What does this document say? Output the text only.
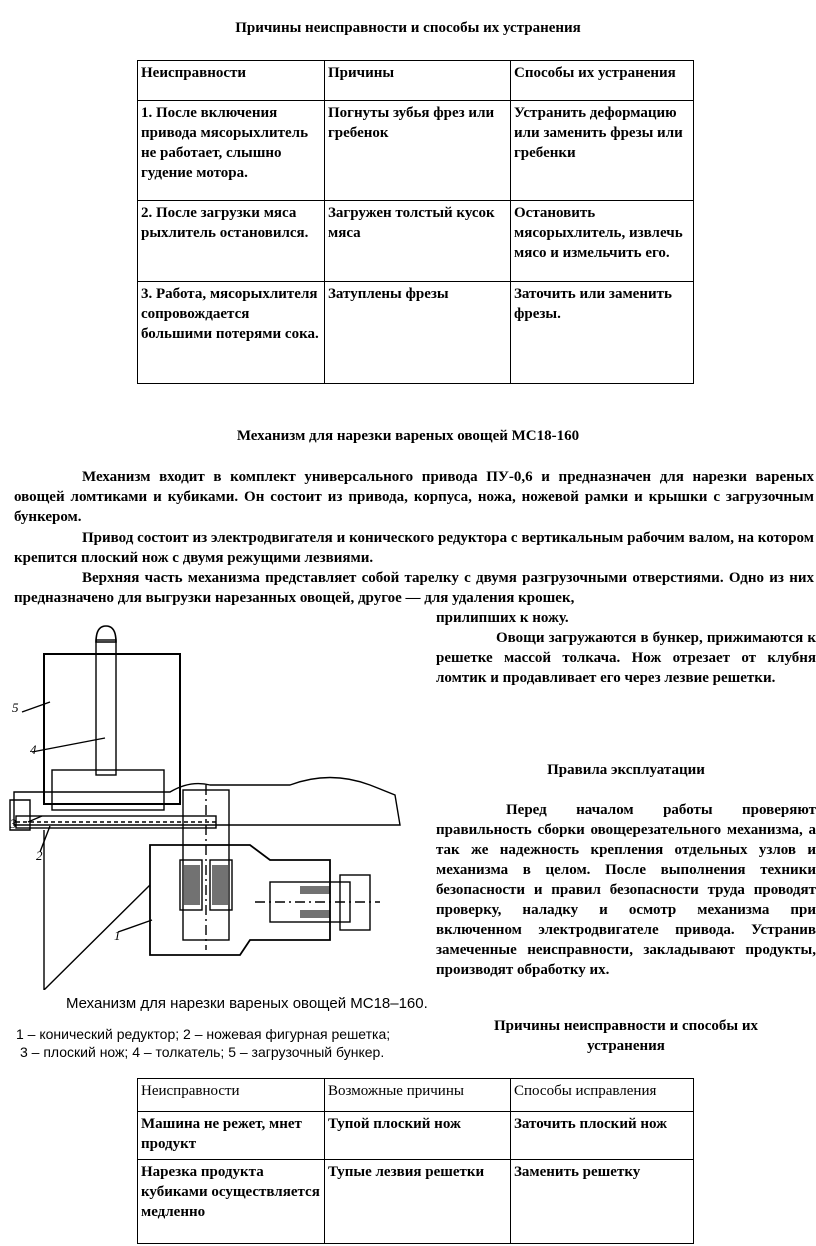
Причины неисправности и способы их устранения
Неисправности	Причины	Способы их устранения
1. После включения привода мясорыхлитель не работает, слышно гудение мотора.	Погнуты зубья фрез или гребенок	Устранить деформацию или заменить фрезы или гребенки
2. После загрузки мяса рыхлитель остановился.	Загружен толстый кусок мяса	Остановить мясорыхлитель, извлечь мясо и измельчить его.
3. Работа, мясорыхлителя сопровождается большими потерями сока.	Затуплены фрезы	Заточить или заменить фрезы.
Механизм для нарезки вареных овощей МС18-160
Механизм входит в комплект универсального привода ПУ-0,6 и предназначен для нарезки вареных овощей ломтиками и кубиками. Он состоит из привода, корпуса, ножа, ножевой рамки и крышки с загрузочным бункером.
Привод состоит из электродвигателя и конического редуктора с вертикальным рабочим валом, на котором крепится плоский нож с двумя режущими лезвиями.
Верхняя часть механизма представляет собой тарелку с двумя разгрузочными отверстиями. Одно из них предназначено для выгрузки нарезанных овощей, другое — для удаления крошек,
прилипших к ножу.
Овощи загружаются в бункер, прижимаются к решетке массой толкача. Нож отрезает от клубня ломтик и продавливает его через лезвие решетки.
5
4
3
2
1
Механизм для нарезки вареных овощей МС18–160.
1 – конический редуктор; 2 – ножевая фигурная решетка;
3 – плоский нож; 4 – толкатель; 5 – загрузочный бункер.
Правила эксплуатации
Перед началом работы проверяют правильность сборки овощерезательного механизма, а так же надежность крепления отдельных узлов и механизма в целом. После выполнения техники безопасности и правил безопасности труда проводят проверку, наладку и осмотр механизма при включенном электродвигателе привода. Устранив замеченные неисправности, закладывают продукты, производят обработку их.
Причины неисправности и способы их
устранения
Неисправности	Возможные причины	Способы исправления
Машина не режет, мнет продукт	Тупой плоский нож	Заточить плоский нож
Нарезка продукта кубиками осуществляется медленно	Тупые лезвия решетки	Заменить решетку
